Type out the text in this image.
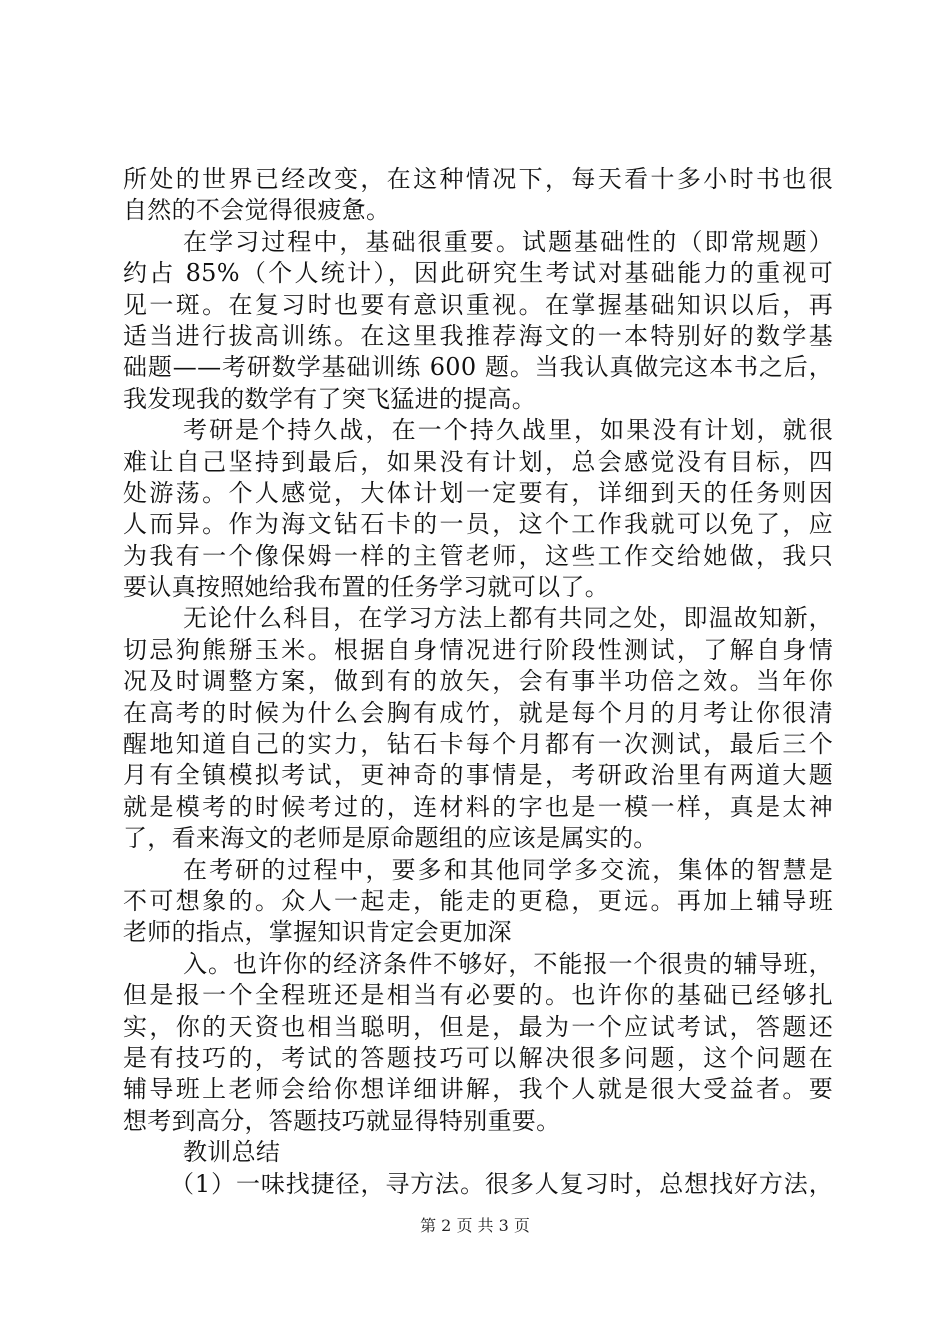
所处的世界已经改变，在这种情况下，每天看十多小时书也很
自然的不会觉得很疲惫。
在学习过程中，基础很重要。试题基础性的（即常规题）
约占 85%（个人统计），因此研究生考试对基础能力的重视可
见一斑。在复习时也要有意识重视。在掌握基础知识以后，再
适当进行拔高训练。在这里我推荐海文的一本特别好的数学基
础题——考研数学基础训练 600 题。当我认真做完这本书之后，
我发现我的数学有了突飞猛进的提高。
考研是个持久战，在一个持久战里，如果没有计划，就很
难让自己坚持到最后，如果没有计划，总会感觉没有目标，四
处游荡。个人感觉，大体计划一定要有，详细到天的任务则因
人而异。作为海文钻石卡的一员，这个工作我就可以免了，应
为我有一个像保姆一样的主管老师，这些工作交给她做，我只
要认真按照她给我布置的任务学习就可以了。
无论什么科目，在学习方法上都有共同之处，即温故知新，
切忌狗熊掰玉米。根据自身情况进行阶段性测试，了解自身情
况及时调整方案，做到有的放矢，会有事半功倍之效。当年你
在高考的时候为什么会胸有成竹，就是每个月的月考让你很清
醒地知道自己的实力，钻石卡每个月都有一次测试，最后三个
月有全镇模拟考试，更神奇的事情是，考研政治里有两道大题
就是模考的时候考过的，连材料的字也是一模一样，真是太神
了，看来海文的老师是原命题组的应该是属实的。
在考研的过程中，要多和其他同学多交流，集体的智慧是
不可想象的。众人一起走，能走的更稳，更远。再加上辅导班
老师的指点，掌握知识肯定会更加深
入。也许你的经济条件不够好，不能报一个很贵的辅导班，
但是报一个全程班还是相当有必要的。也许你的基础已经够扎
实，你的天资也相当聪明，但是，最为一个应试考试，答题还
是有技巧的，考试的答题技巧可以解决很多问题，这个问题在
辅导班上老师会给你想详细讲解，我个人就是很大受益者。要
想考到高分，答题技巧就显得特别重要。
教训总结
（1）一味找捷径，寻方法。很多人复习时，总想找好方法，
第 2 页 共 3 页
